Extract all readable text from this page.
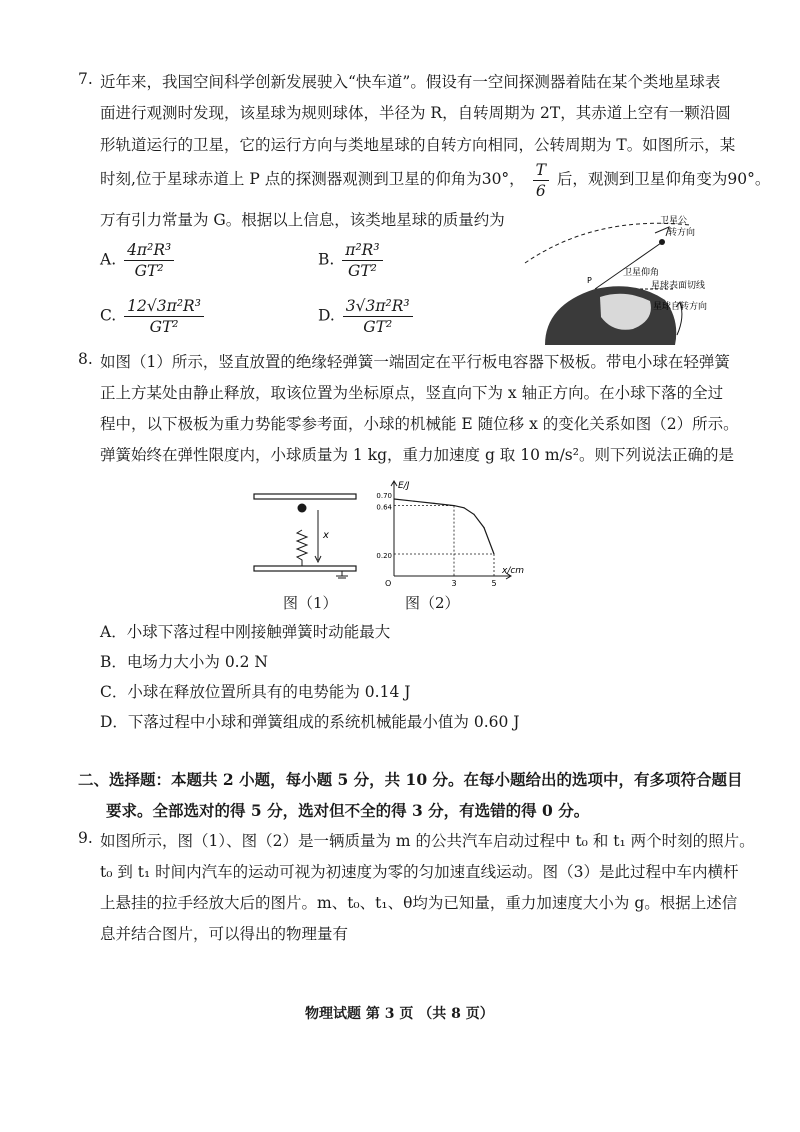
7. 近年来，我国空间科学创新发展驶入“快车道”。假设有一空间探测器着陆在某个类地星球表
面进行观测时发现，该星球为规则球体，半径为 R，自转周期为 2T，其赤道上空有一颗沿圆
形轨道运行的卫星，它的运行方向与类地星球的自转方向相同，公转周期为 T。如图所示，某
时刻,位于星球赤道上 P 点的探测器观测到卫星的仰角为30°， $\frac{T}{6}$ 后，观测到卫星仰角变为90°。
万有引力常量为 G。根据以上信息，该类地星球的质量约为
A. $\frac{\text{4π²R³}}{\text{GT²}}$	B. $\frac{\text{π²R³}}{\text{GT²}}$
C. $\frac{\text{12√3π²R³}}{\text{GT²}}$	D. $\frac{\text{3√3π²R³}}{\text{GT²}}$
卫星公
转方向
P
卫星仰角
星球表面切线
星球自转方向
8. 如图（1）所示，竖直放置的绝缘轻弹簧一端固定在平行板电容器下极板。带电小球在轻弹簧
正上方某处由静止释放，取该位置为坐标原点，竖直向下为 x 轴正方向。在小球下落的全过
程中，以下极板为重力势能零参考面，小球的机械能 E 随位移 x 的变化关系如图（2）所示。
弹簧始终在弹性限度内，小球质量为 1 kg，重力加速度 g 取 10 m/s²。则下列说法正确的是
x
E/J
x/cm
O
0.70
0.64
0.20
3	5
图（1）	图（2）
A．小球下落过程中刚接触弹簧时动能最大
B．电场力大小为 0.2 N
C．小球在释放位置所具有的电势能为 0.14 J
D．下落过程中小球和弹簧组成的系统机械能最小值为 0.60 J
二、选择题：本题共 2 小题，每小题 5 分，共 10 分。在每小题给出的选项中，有多项符合题目
要求。全部选对的得 5 分，选对但不全的得 3 分，有选错的得 0 分。
9. 如图所示，图（1）、图（2）是一辆质量为 m 的公共汽车启动过程中 t₀ 和 t₁ 两个时刻的照片。
t₀ 到 t₁ 时间内汽车的运动可视为初速度为零的匀加速直线运动。图（3）是此过程中车内横杆
上悬挂的拉手经放大后的图片。m、t₀、t₁、θ均为已知量，重力加速度大小为 g。根据上述信
息并结合图片，可以得出的物理量有
物理试题 第 3 页 （共 8 页）
